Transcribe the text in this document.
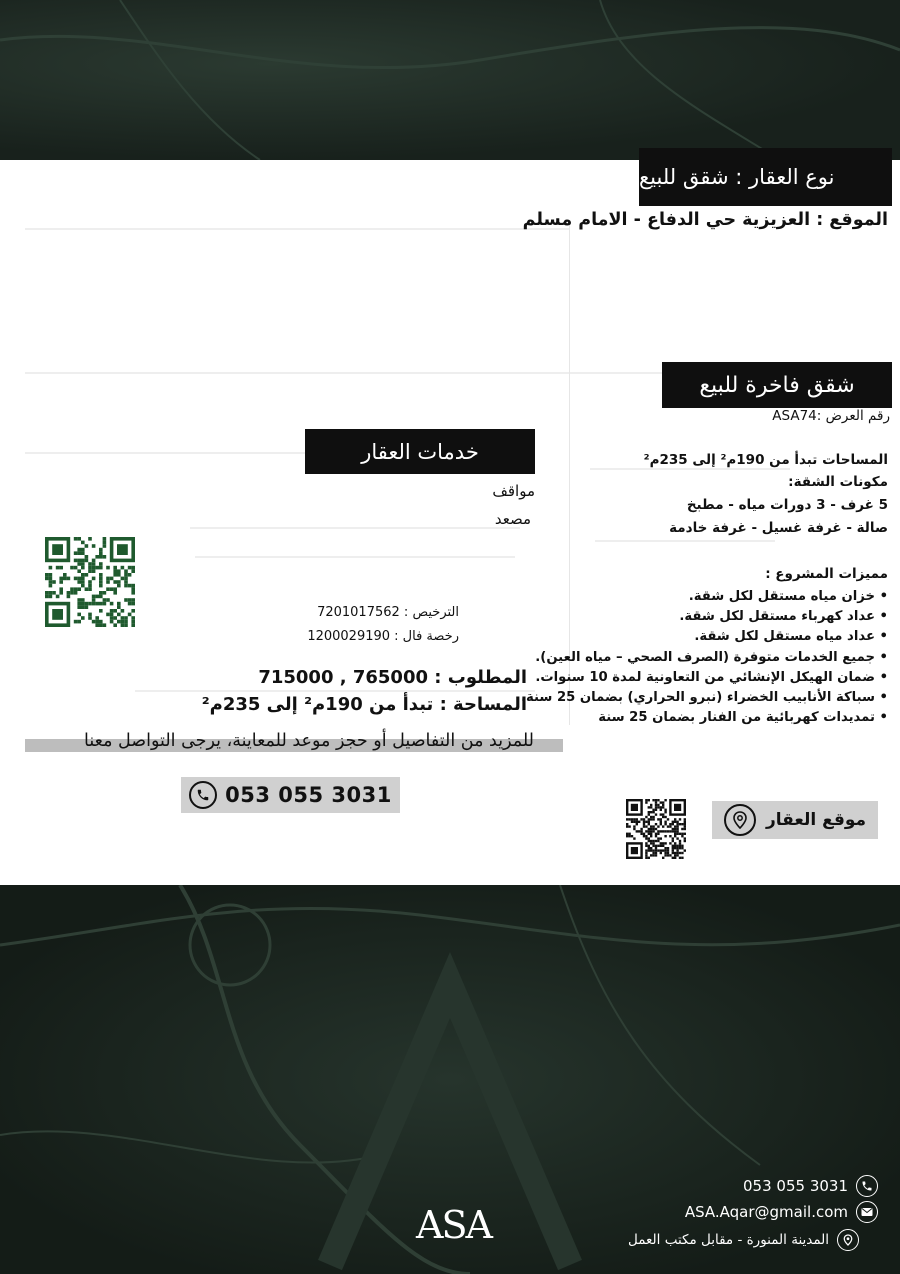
نوع العقار : شقق للبيع
الموقع : العزيزية حي الدفاع - الامام مسلم
شقق فاخرة للبيع
رقم العرض :ASA74
المساحات تبدأ من 190م² إلى 235م²
مكونات الشقة:
5 غرف - 3 دورات مياه - مطبخ
صالة - غرفة غسيل - غرفة خادمة
مميزات المشروع :
• خزان مياه مستقل لكل شقة.
• عداد كهرباء مستقل لكل شقة.
• عداد مياه مستقل لكل شقة.
• جميع الخدمات متوفرة (الصرف الصحي – مياه العين).
• ضمان الهيكل الإنشائي من التعاونية لمدة 10 سنوات.
• سباكة الأنابيب الخضراء (نبرو الحراري) بضمان 25 سنة.
• تمديدات كهربائية من الفنار بضمان 25 سنة
موقع العقار
خدمات العقار
مواقف
مصعد
الترخيص : 7201017562
رخصة فال : 1200029190
المطلوب : 765000 , 715000
المساحة : تبدأ من 190م² إلى 235م²
للمزيد من التفاصيل أو حجز موعد للمعاينة، يرجى التواصل معنا
053 055 3031
053 055 3031
ASA.Aqar@gmail.com
المدينة المنورة - مقابل مكتب العمل
ASA
